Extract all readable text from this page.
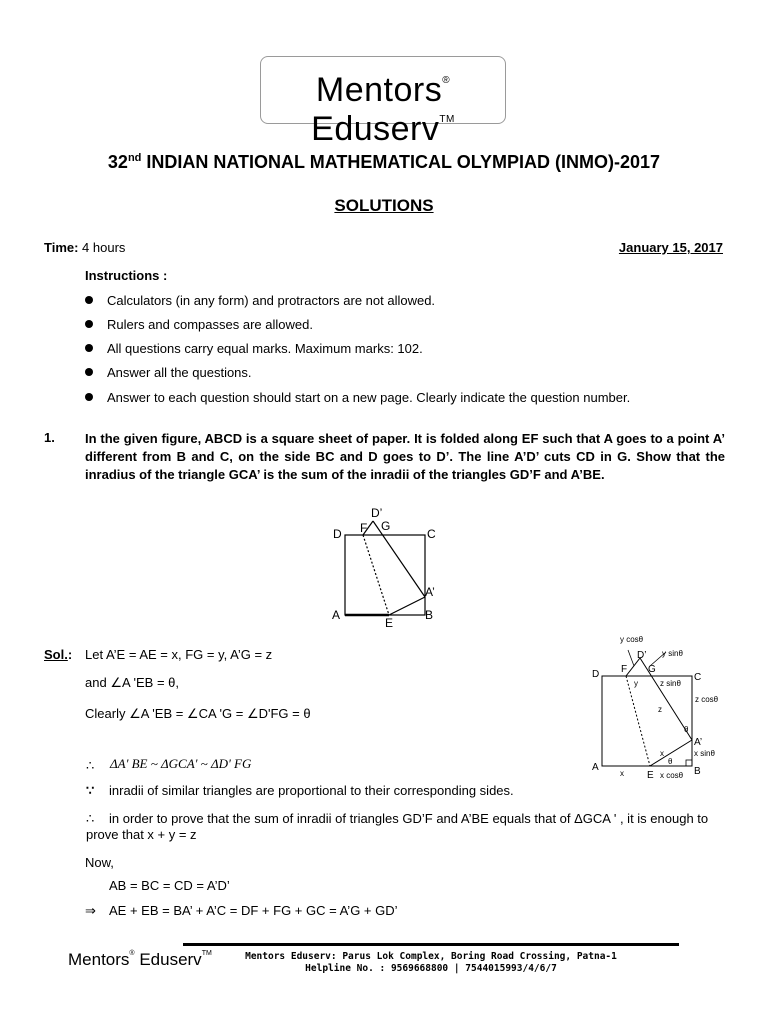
Mentors® Eduserv™
32nd INDIAN NATIONAL MATHEMATICAL OLYMPIAD (INMO)-2017
SOLUTIONS
Time: 4 hours	January 15, 2017
Instructions :
Calculators (in any form) and protractors are not allowed.
Rulers and compasses are allowed.
All questions carry equal marks. Maximum marks: 102.
Answer all the questions.
Answer to each question should start on a new page. Clearly indicate the question number.
1. In the given figure, ABCD is a square sheet of paper. It is folded along EF such that A goes to a point A’ different from B and C, on the side BC and D goes to D’. The line A’D’ cuts CD in G. Show that the inradius of the triangle GCA’ is the sum of the inradii of the triangles GD’F and A’BE.
D	C
A	B
E
F G
D’
A’
y cosθ
y sinθ
D F
D’
G
C
y	z sinθ
z cosθ
z
θ
A’
x sinθ
x
θ
A
x E x cosθ B
Sol.: Let A’E = AE = x, FG = y, A’G = z
and ∠A 'EB = θ,
Clearly ∠A 'EB = ∠CA 'G = ∠D'FG = θ
∴ ΔA' BE ~ ΔGCA' ~ ΔD' FG
∵ inradii of similar triangles are proportional to their corresponding sides.
∴	in order to prove that the sum of inradii of triangles GD’F and A’BE equals that of ΔGCA ' , it is enough to prove that x + y = z
Now,
AB = BC = CD = A’D’
⇒ AE + EB = BA’ + A’C = DF + FG + GC = A’G + GD’
Mentors® Eduserv™	Mentors Eduserv: Parus Lok Complex, Boring Road Crossing, Patna-1
Helpline No. : 9569668800 | 7544015993/4/6/7
